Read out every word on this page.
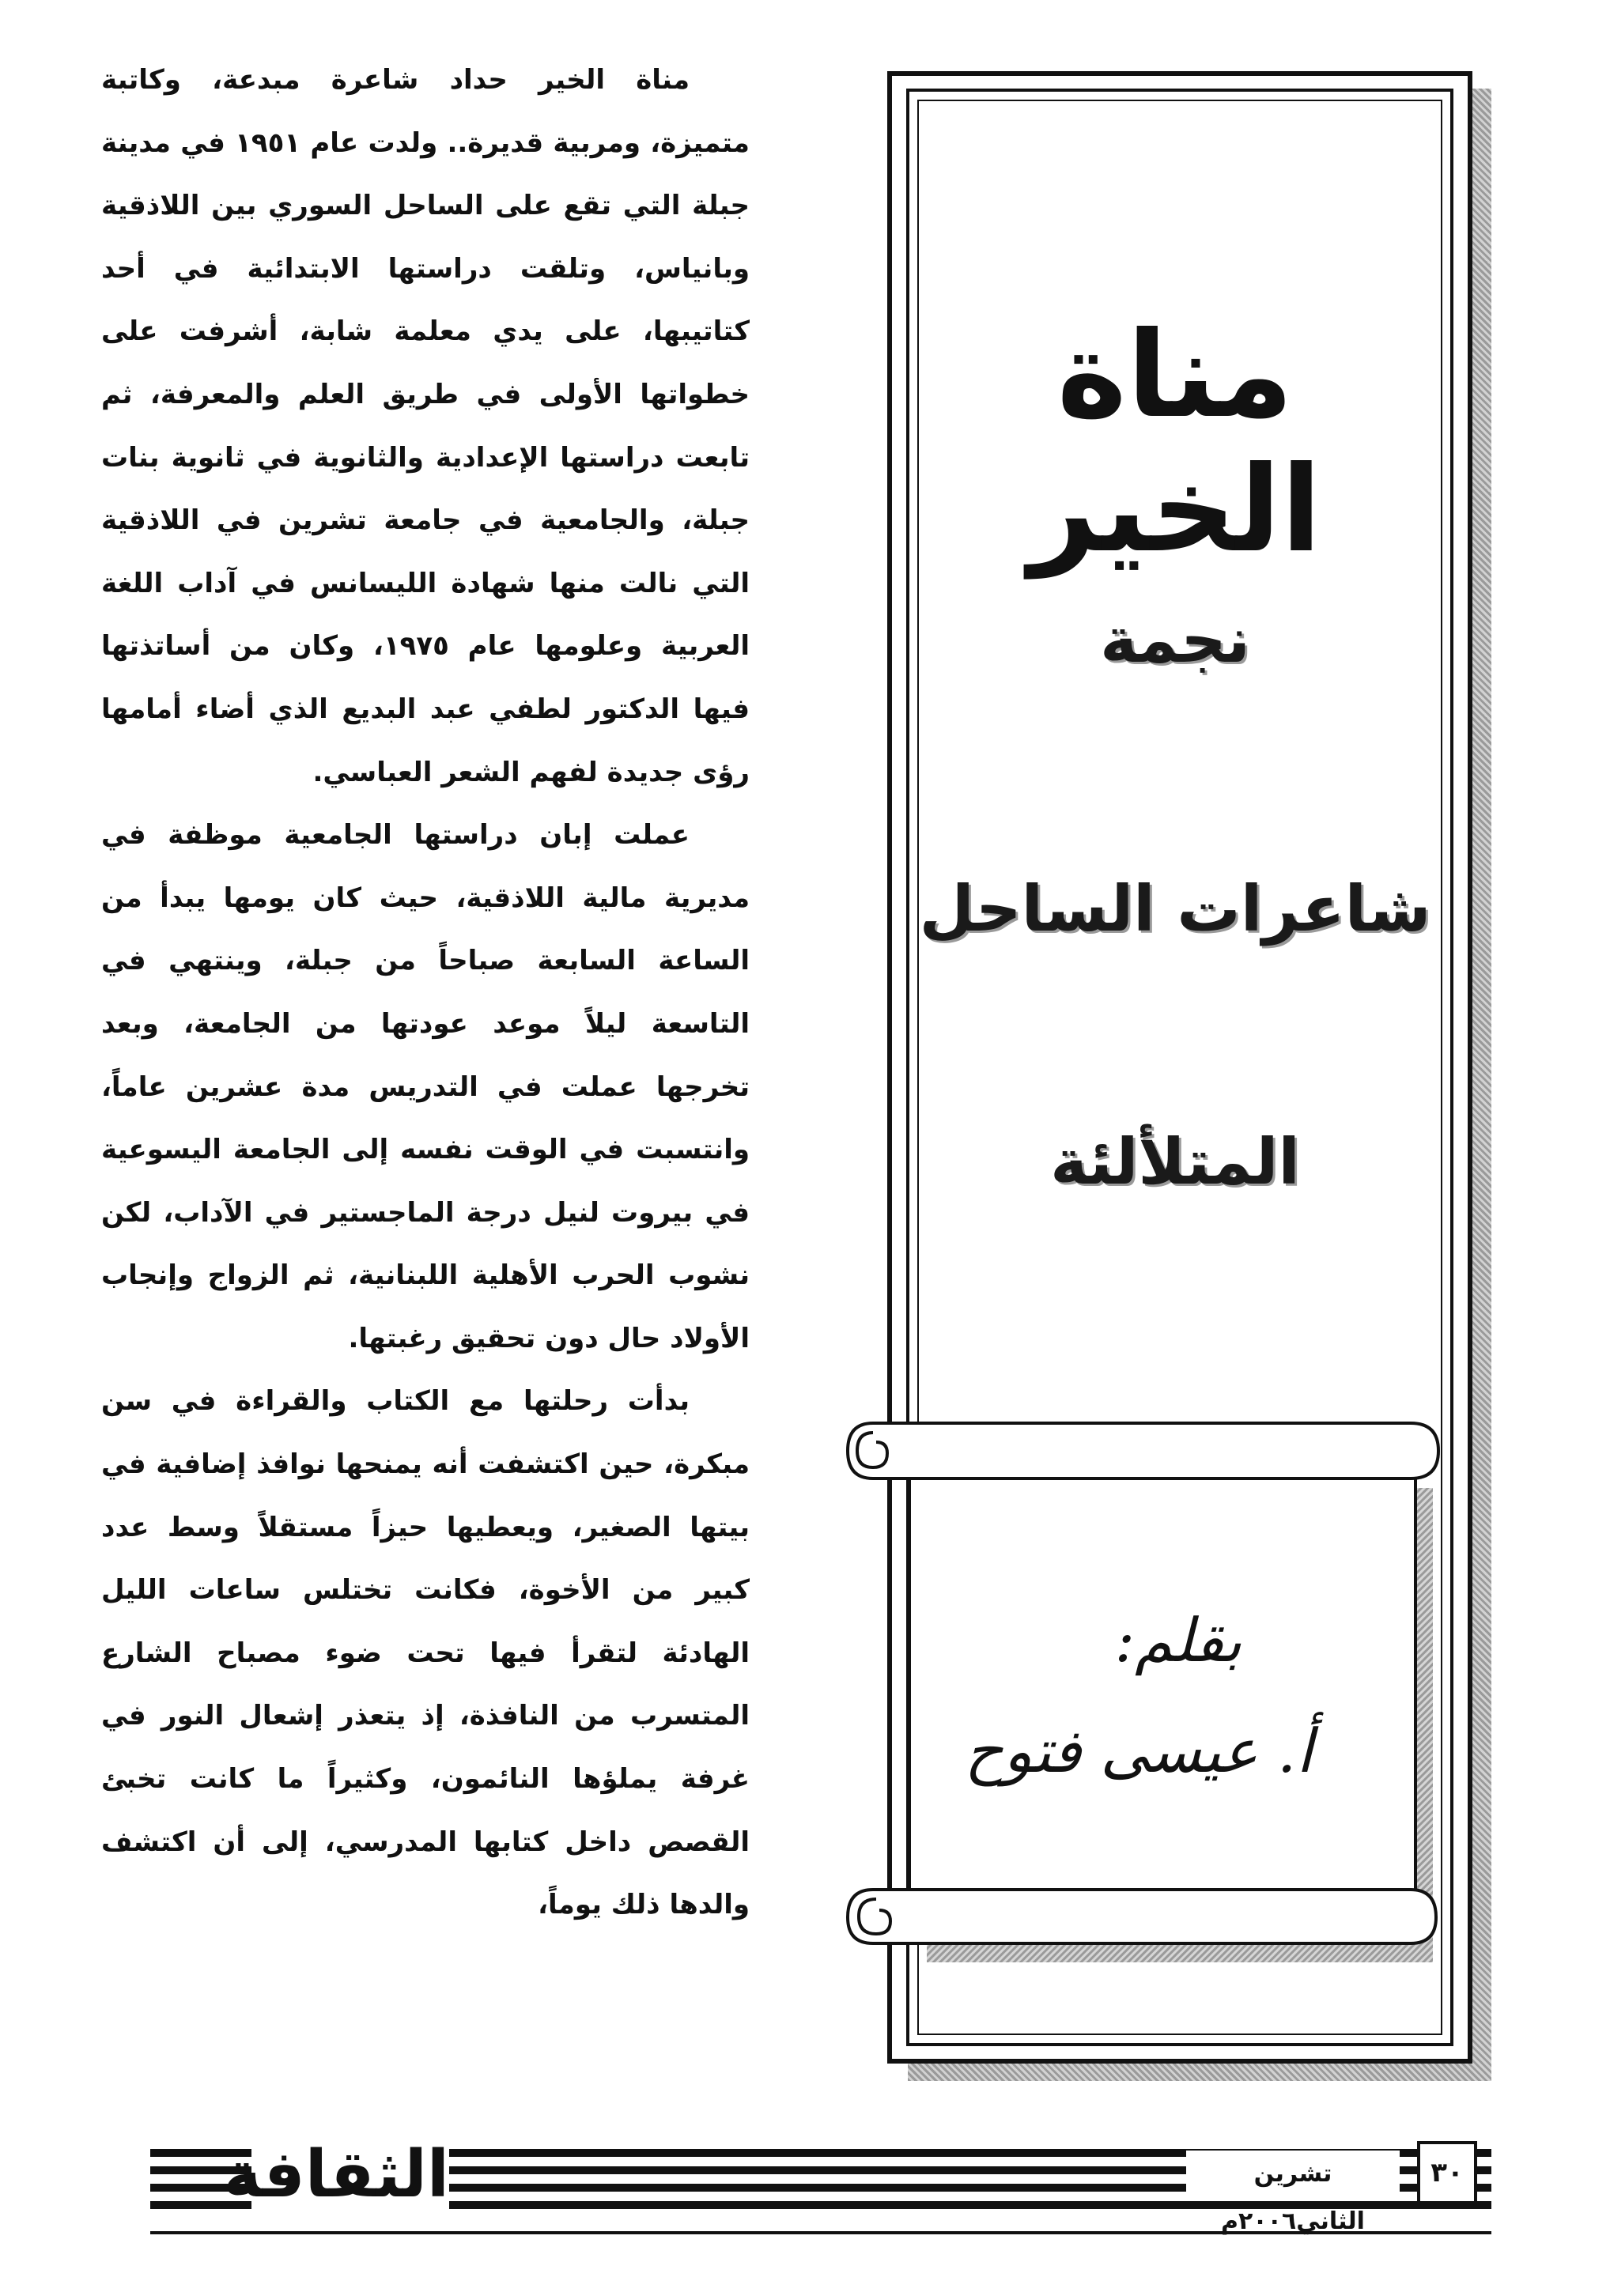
مناة الخير حداد شاعرة مبدعة، وكاتبة متميزة، ومربية قديرة.. ولدت عام ١٩٥١ في مدينة جبلة التي تقع على الساحل السوري بين اللاذقية وبانياس، وتلقت دراستها الابتدائية في أحد كتاتيبها، على يدي معلمة شابة، أشرفت على خطواتها الأولى في طريق العلم والمعرفة، ثم تابعت دراستها الإعدادية والثانوية في ثانوية بنات جبلة، والجامعية في جامعة تشرين في اللاذقية التي نالت منها شهادة الليسانس في آداب اللغة العربية وعلومها عام ١٩٧٥، وكان من أساتذتها فيها الدكتور لطفي عبد البديع الذي أضاء أمامها رؤى جديدة لفهم الشعر العباسي.

عملت إبان دراستها الجامعية موظفة في مديرية مالية اللاذقية، حيث كان يومها يبدأ من الساعة السابعة صباحاً من جبلة، وينتهي في التاسعة ليلاً موعد عودتها من الجامعة، وبعد تخرجها عملت في التدريس مدة عشرين عاماً، وانتسبت في الوقت نفسه إلى الجامعة اليسوعية في بيروت لنيل درجة الماجستير في الآداب، لكن نشوب الحرب الأهلية اللبنانية، ثم الزواج وإنجاب الأولاد حال دون تحقيق رغبتها.

بدأت رحلتها مع الكتاب والقراءة في سن مبكرة، حين اكتشفت أنه يمنحها نوافذ إضافية في بيتها الصغير، ويعطيها حيزاً مستقلاً وسط عدد كبير من الأخوة، فكانت تختلس ساعات الليل الهادئة لتقرأ فيها تحت ضوء مصباح الشارع المتسرب من النافذة، إذ يتعذر إشعال النور في غرفة يملؤها النائمون، وكثيراً ما كانت تخبئ القصص داخل كتابها المدرسي، إلى أن اكتشف والدها ذلك يوماً،

مناة الخير
نجمة
شاعرات الساحل
المتلألئة
بقلم:
أ. عيسى فتوح
الثقافة	تشرين الثاني٢٠٠٦م
٣٠
